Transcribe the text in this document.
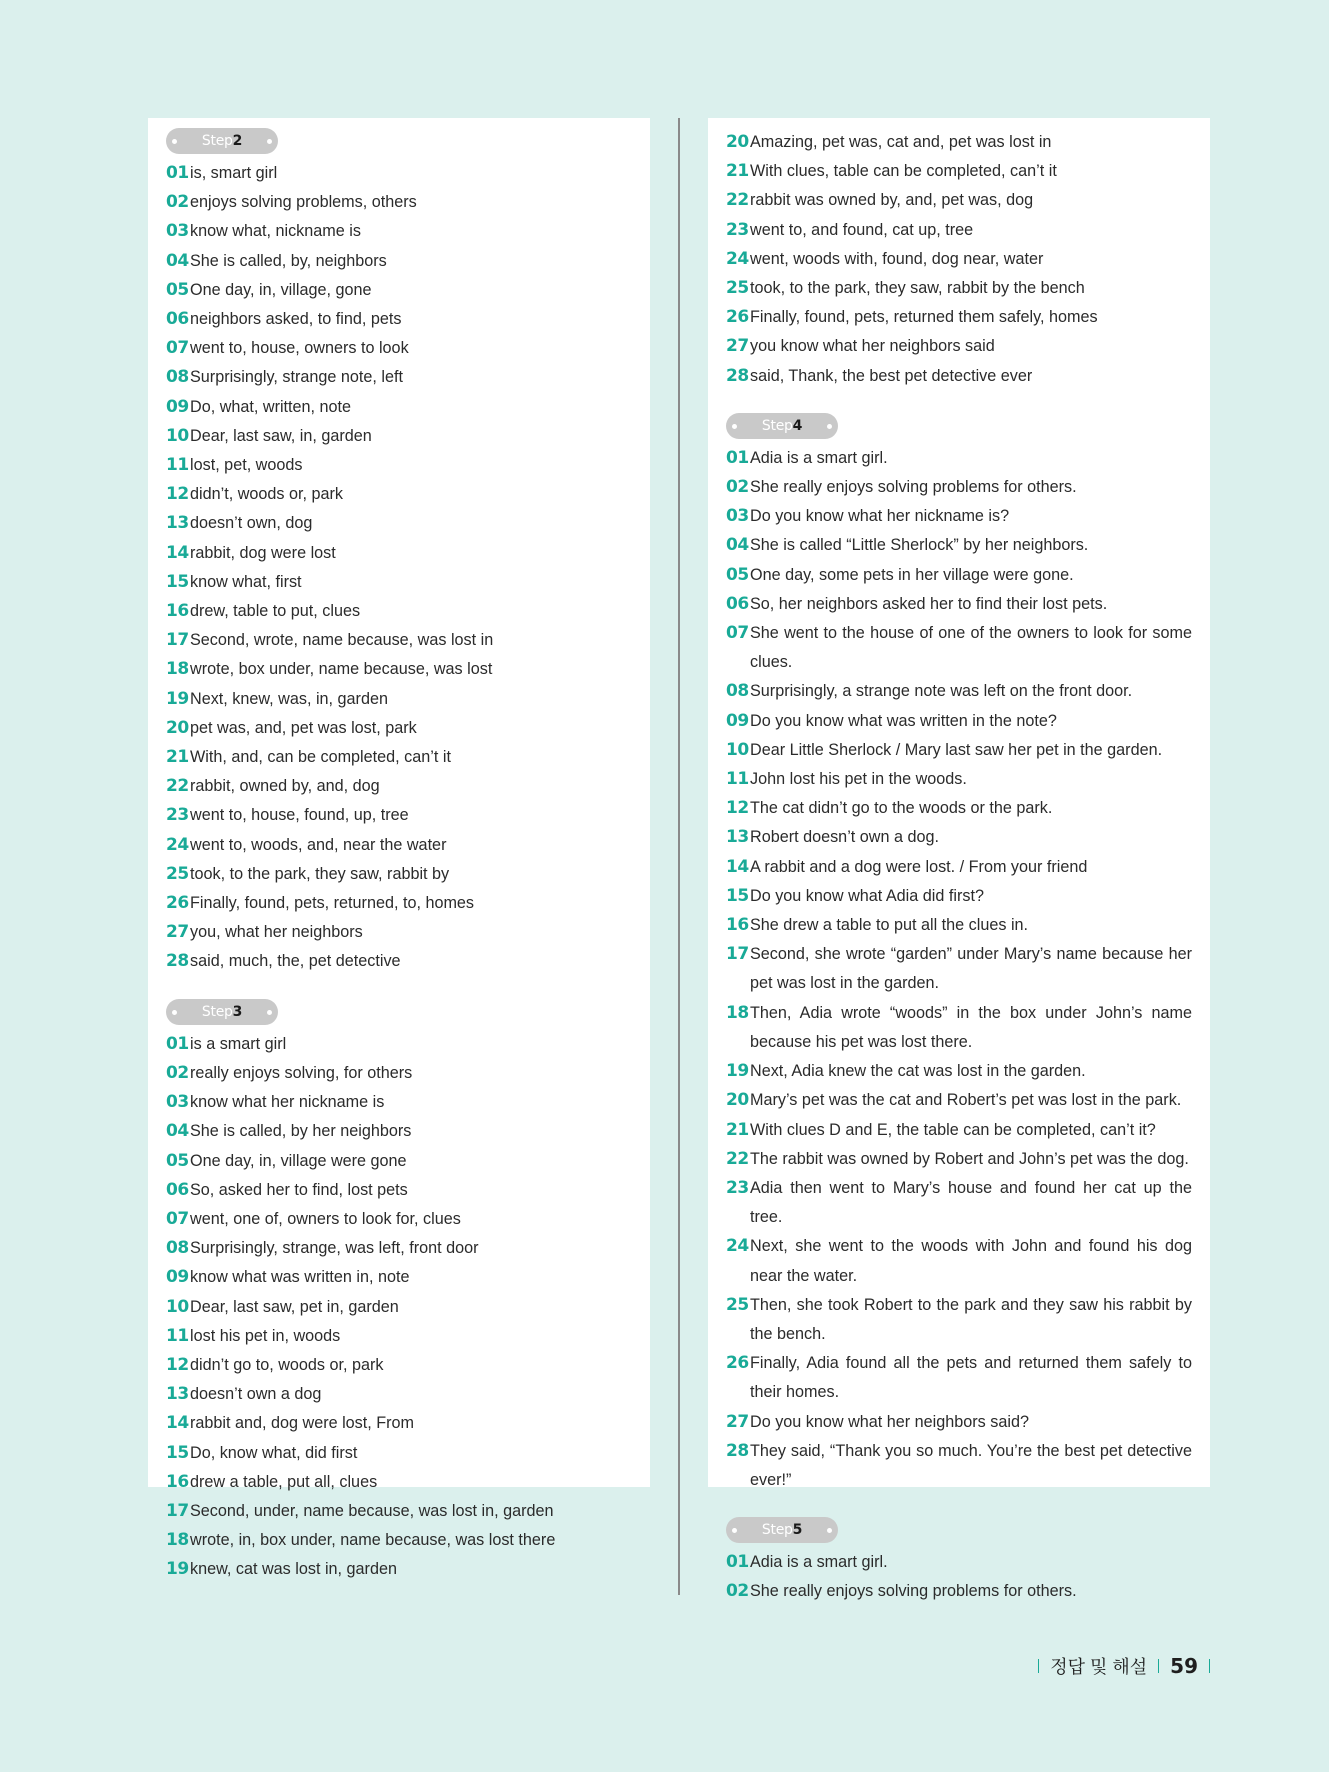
Step 2
01 is, smart girl
02 enjoys solving problems, others
03 know what, nickname is
04 She is called, by, neighbors
05 One day, in, village, gone
06 neighbors asked, to find, pets
07 went to, house, owners to look
08 Surprisingly, strange note, left
09 Do, what, written, note
10 Dear, last saw, in, garden
11 lost, pet, woods
12 didn’t, woods or, park
13 doesn’t own, dog
14 rabbit, dog were lost
15 know what, first
16 drew, table to put, clues
17 Second, wrote, name because, was lost in
18 wrote, box under, name because, was lost
19 Next, knew, was, in, garden
20 pet was, and, pet was lost, park
21 With, and, can be completed, can’t it
22 rabbit, owned by, and, dog
23 went to, house, found, up, tree
24 went to, woods, and, near the water
25 took, to the park, they saw, rabbit by
26 Finally, found, pets, returned, to, homes
27 you, what her neighbors
28 said, much, the, pet detective
Step 3
01 is a smart girl
02 really enjoys solving, for others
03 know what her nickname is
04 She is called, by her neighbors
05 One day, in, village were gone
06 So, asked her to find, lost pets
07 went, one of, owners to look for, clues
08 Surprisingly, strange, was left, front door
09 know what was written in, note
10 Dear, last saw, pet in, garden
11 lost his pet in, woods
12 didn’t go to, woods or, park
13 doesn’t own a dog
14 rabbit and, dog were lost, From
15 Do, know what, did first
16 drew a table, put all, clues
17 Second, under, name because, was lost in, garden
18 wrote, in, box under, name because, was lost there
19 knew, cat was lost in, garden
20 Amazing, pet was, cat and, pet was lost in
21 With clues, table can be completed, can’t it
22 rabbit was owned by, and, pet was, dog
23 went to, and found, cat up, tree
24 went, woods with, found, dog near, water
25 took, to the park, they saw, rabbit by the bench
26 Finally, found, pets, returned them safely, homes
27 you know what her neighbors said
28 said, Thank, the best pet detective ever
Step 4
01 Adia is a smart girl.
02 She really enjoys solving problems for others.
03 Do you know what her nickname is?
04 She is called “Little Sherlock” by her neighbors.
05 One day, some pets in her village were gone.
06 So, her neighbors asked her to find their lost pets.
07 She went to the house of one of the owners to look for some clues.
08 Surprisingly, a strange note was left on the front door.
09 Do you know what was written in the note?
10 Dear Little Sherlock / Mary last saw her pet in the garden.
11 John lost his pet in the woods.
12 The cat didn’t go to the woods or the park.
13 Robert doesn’t own a dog.
14 A rabbit and a dog were lost. / From your friend
15 Do you know what Adia did first?
16 She drew a table to put all the clues in.
17 Second, she wrote “garden” under Mary’s name because her pet was lost in the garden.
18 Then, Adia wrote “woods” in the box under John’s name because his pet was lost there.
19 Next, Adia knew the cat was lost in the garden.
20 Mary’s pet was the cat and Robert’s pet was lost in the park.
21 With clues D and E, the table can be completed, can’t it?
22 The rabbit was owned by Robert and John’s pet was the dog.
23 Adia then went to Mary’s house and found her cat up the tree.
24 Next, she went to the woods with John and found his dog near the water.
25 Then, she took Robert to the park and they saw his rabbit by the bench.
26 Finally, Adia found all the pets and returned them safely to their homes.
27 Do you know what her neighbors said?
28 They said, “Thank you so much. You’re the best pet detective ever!”
Step 5
01 Adia is a smart girl.
02 She really enjoys solving problems for others.
정답 및 해설 59
